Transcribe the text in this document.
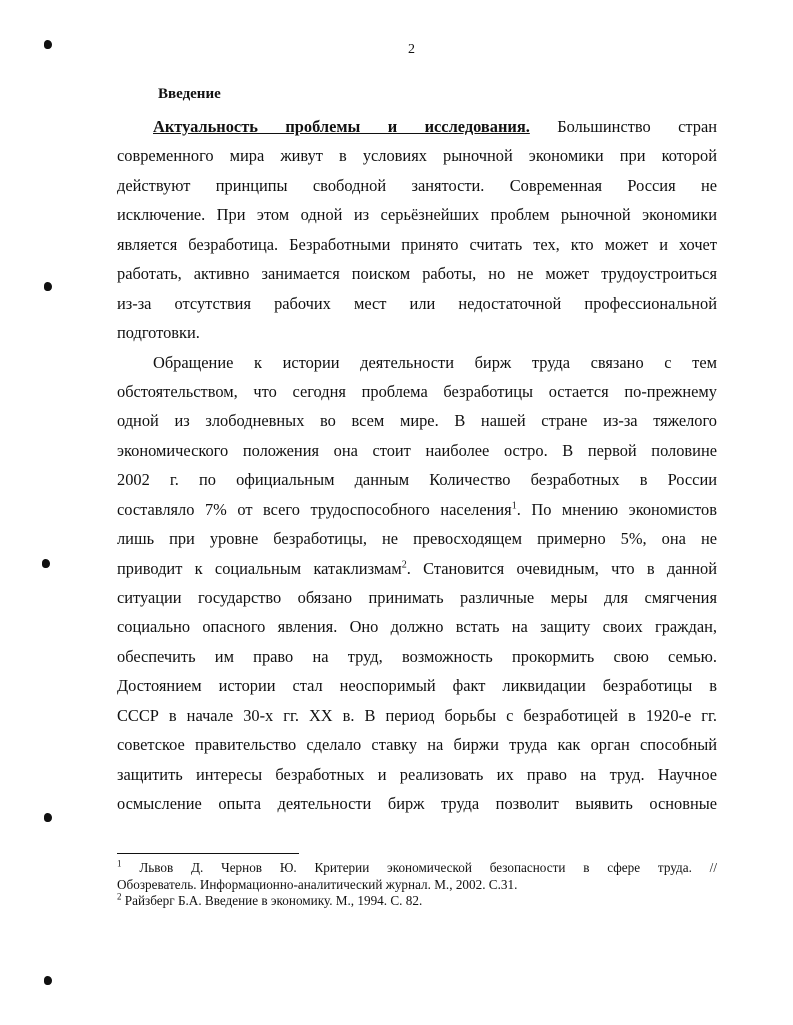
2
Введение
Актуальность проблемы и исследования. Большинство стран
современного мира живут в условиях рыночной экономики при которой
действуют принципы свободной занятости. Современная Россия не
исключение. При этом одной из серьёзнейших проблем рыночной экономики
является безработица. Безработными принято считать тех, кто может и хочет
работать, активно занимается поиском работы, но не может трудоустроиться
из-за отсутствия рабочих мест или недостаточной профессиональной
подготовки.
Обращение к истории деятельности бирж труда связано с тем
обстоятельством, что сегодня проблема безработицы остается по-прежнему
одной из злободневных во всем мире. В нашей стране из-за тяжелого
экономического положения она стоит наиболее остро. В первой половине
2002 г. по официальным данным Количество безработных в России
составляло 7% от всего трудоспособного населения$^1$. По мнению экономистов
лишь при уровне безработицы, не превосходящем примерно 5%, она не
приводит к социальным катаклизмам$^2$. Становится очевидным, что в данной
ситуации государство обязано принимать различные меры для смягчения
социально опасного явления. Оно должно встать на защиту своих граждан,
обеспечить им право на труд, возможность прокормить свою семью.
Достоянием истории стал неоспоримый факт ликвидации безработицы в
СССР в начале 30-х гг. XX в. В период борьбы с безработицей в 1920-е гг.
советское правительство сделало ставку на биржи труда как орган способный
защитить интересы безработных и реализовать их право на труд. Научное
осмысление опыта деятельности бирж труда позволит выявить основные
$^1$ Львов Д. Чернов Ю. Критерии экономической безопасности в сфере труда. //
Обозреватель. Информационно-аналитический журнал. М., 2002. С.31.
$^2$ Райзберг Б.А. Введение в экономику. М., 1994. С. 82.
